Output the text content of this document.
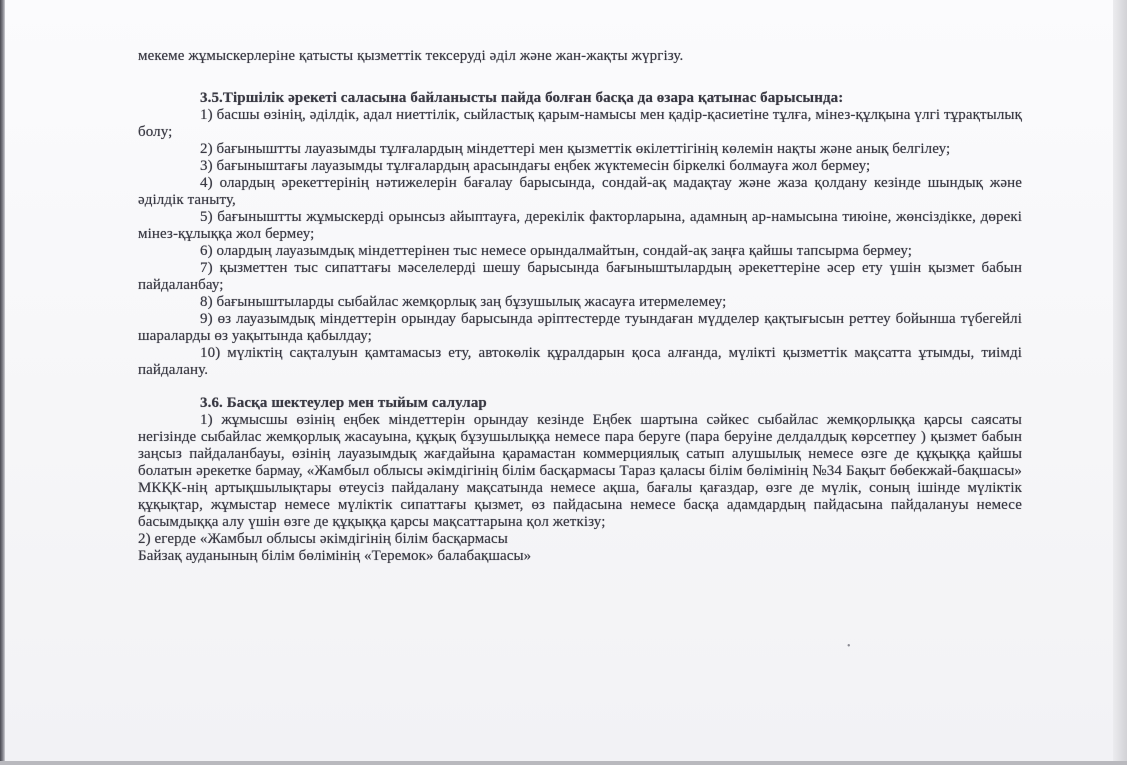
мекеме жұмыскерлеріне қатысты қызметтік тексеруді әділ және жан-жақты жүргізу.

3.5.Тіршілік әрекеті саласына байланысты пайда болған басқа да өзара қатынас барысында:

1) басшы өзінің, әділдік, адал ниеттілік, сыйластық қарым-намысы мен қадір-қасиетіне тұлға, мінез-құлқына үлгі тұрақтылық болу;

2) бағыныштты лауазымды тұлғалардың міндеттері мен қызметтік өкілеттігінің көлемін нақты және анық белгілеу;

3) бағыныштағы лауазымды тұлғалардың арасындағы еңбек жүктемесін біркелкі болмауға жол бермеу;

4) олардың әрекеттерінің нәтижелерін бағалау барысында, сондай-ақ мадақтау және жаза қолдану кезінде шындық және әділдік таныту,

5) бағыныштты жұмыскерді орынсыз айыптауға, дерекілік факторларына, адамның ар-намысына тиюіне, жөнсіздікке, дөрекі мінез-құлыққа жол бермеу;

6) олардың лауазымдық міндеттерінен тыс немесе орындалмайтын, сондай-ақ заңға қайшы тапсырма бермеу;

7) қызметтен тыс сипаттағы мәселелерді шешу барысында бағыныштылардың әрекеттеріне әсер ету үшін қызмет бабын пайдаланбау;

8) бағыныштыларды сыбайлас жемқорлық заң бұзушылық жасауға итермелемеу;

9) өз лауазымдық міндеттерін орындау барысында әріптестерде туындаған мүдделер қақтығысын реттеу бойынша түбегейлі шараларды өз уақытында қабылдау;

10) мүліктің сақталуын қамтамасыз ету, автокөлік құралдарын қоса алғанда, мүлікті қызметтік мақсатта ұтымды, тиімді пайдалану.

3.6. Басқа шектеулер мен тыйым салулар

1) жұмысшы өзінің еңбек міндеттерін орындау кезінде Еңбек шартына сәйкес сыбайлас жемқорлыққа қарсы саясаты негізінде сыбайлас жемқорлық жасауына, құқық бұзушылыққа немесе пара беруге (пара беруіне делдалдық көрсетпеу ) қызмет бабын заңсыз пайдаланбауы, өзінің лауазымдық жағдайына қарамастан коммерциялық сатып алушылық немесе өзге де құқыққа қайшы болатын әрекетке бармау, «Жамбыл облысы әкімдігінің білім басқармасы Тараз қаласы білім бөлімінің №34 Бақыт бөбекжай-бақшасы» МКҚК-нің артықшылықтары өтеусіз пайдалану мақсатында немесе ақша, бағалы қағаздар, өзге де мүлік, соның ішінде мүліктік құқықтар, жұмыстар немесе мүліктік сипаттағы қызмет, өз пайдасына немесе басқа адамдардың пайдасына пайдалануы немесе басымдыққа алу үшін өзге де құқыққа қарсы мақсаттарына қол жеткізу;

2) егерде «Жамбыл облысы әкімдігінің білім басқармасы

Байзақ ауданының білім бөлімінің «Теремок» балабақшасы»

•
